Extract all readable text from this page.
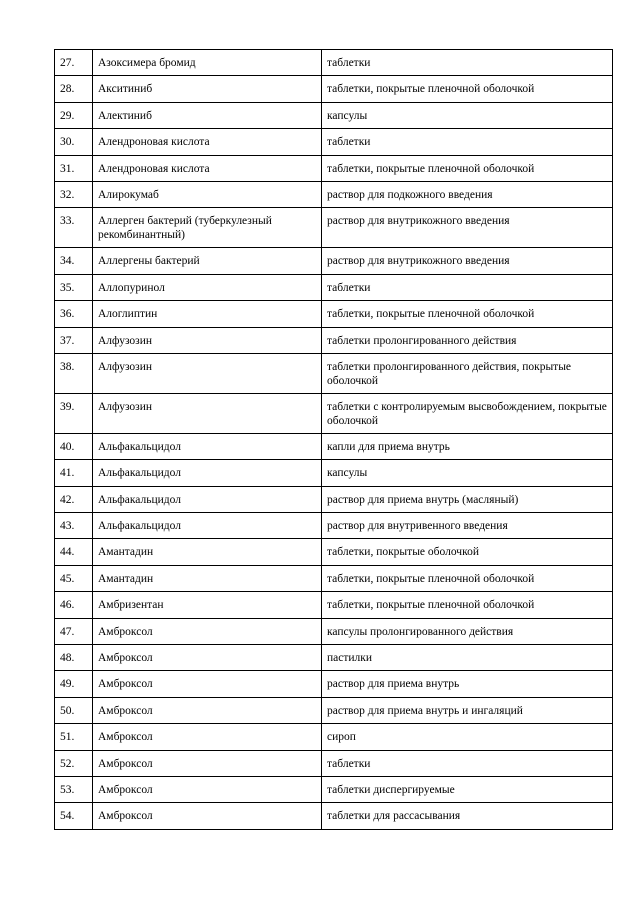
27.	Азоксимера бромид	таблетки
28.	Акситиниб	таблетки, покрытые пленочной оболочкой
29.	Алектиниб	капсулы
30.	Алендроновая кислота	таблетки
31.	Алендроновая кислота	таблетки, покрытые пленочной оболочкой
32.	Алирокумаб	раствор для подкожного введения
33.	Аллерген бактерий (туберкулезный рекомбинантный)	раствор для внутрикожного введения
34.	Аллергены бактерий	раствор для внутрикожного введения
35.	Аллопуринол	таблетки
36.	Алоглиптин	таблетки, покрытые пленочной оболочкой
37.	Алфузозин	таблетки пролонгированного действия
38.	Алфузозин	таблетки пролонгированного действия, покрытые оболочкой
39.	Алфузозин	таблетки с контролируемым высвобождением, покрытые оболочкой
40.	Альфакальцидол	капли для приема внутрь
41.	Альфакальцидол	капсулы
42.	Альфакальцидол	раствор для приема внутрь (масляный)
43.	Альфакальцидол	раствор для внутривенного введения
44.	Амантадин	таблетки, покрытые оболочкой
45.	Амантадин	таблетки, покрытые пленочной оболочкой
46.	Амбризентан	таблетки, покрытые пленочной оболочкой
47.	Амброксол	капсулы пролонгированного действия
48.	Амброксол	пастилки
49.	Амброксол	раствор для приема внутрь
50.	Амброксол	раствор для приема внутрь и ингаляций
51.	Амброксол	сироп
52.	Амброксол	таблетки
53.	Амброксол	таблетки диспергируемые
54.	Амброксол	таблетки для рассасывания
